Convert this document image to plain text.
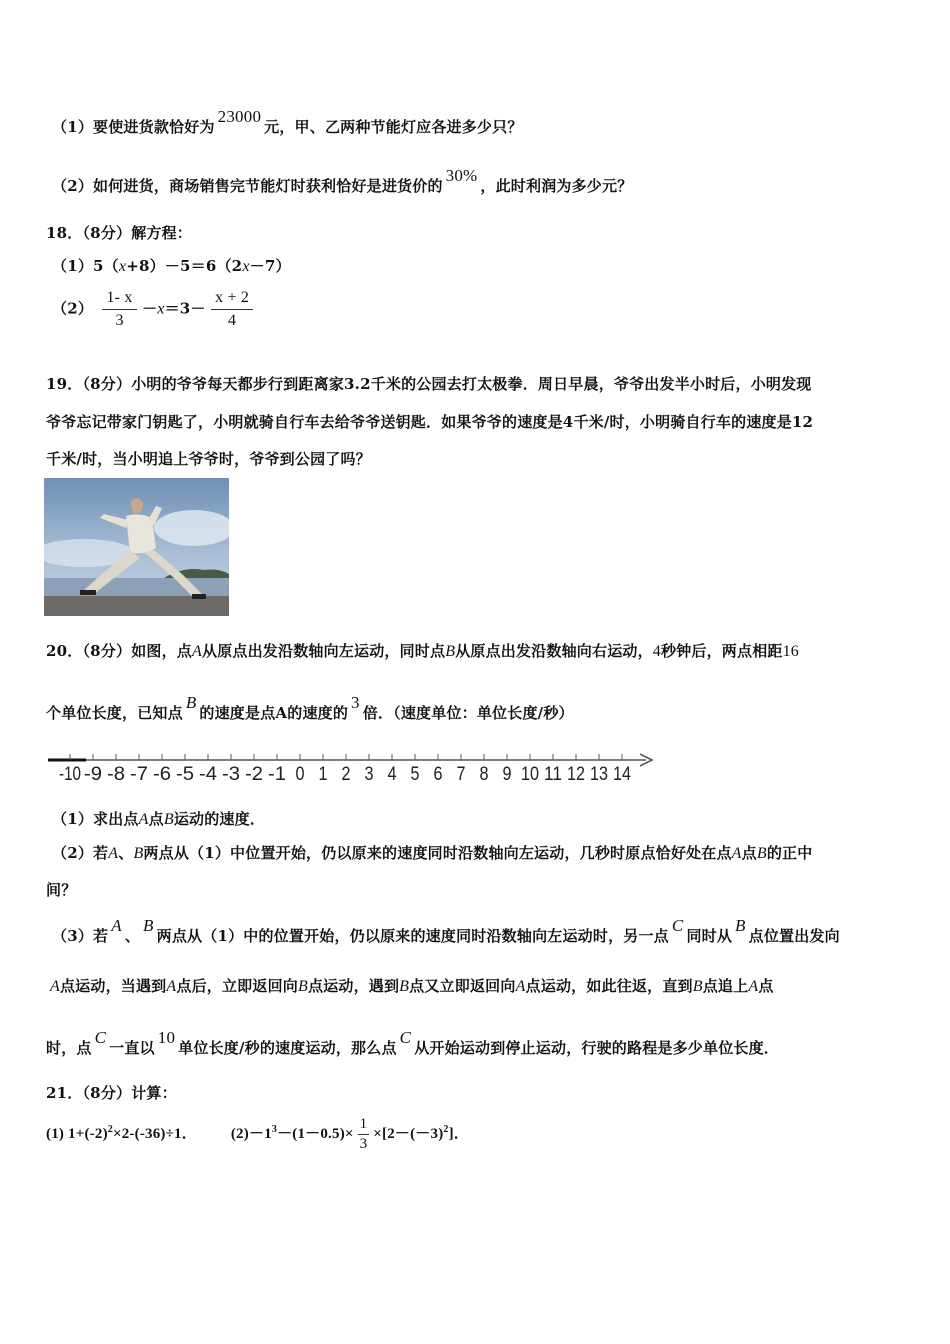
（1）要使进货款恰好为23000元，甲、乙两种节能灯应各进多少只？
（2）如何进货，商场销售完节能灯时获利恰好是进货价的30%，此时利润为多少元？
18．（8分）解方程：
（1）5（x+8）－5＝6（2x－7）
$(2) \frac{1- x}{3} -x=3- \frac{x + 2}{4}$
19．（8分）小明的爷爷每天都步行到距离家3.2千米的公园去打太极拳．周日早晨，爷爷出发半小时后，小明发现
爷爷忘记带家门钥匙了，小明就骑自行车去给爷爷送钥匙．如果爷爷的速度是4千米/时，小明骑自行车的速度是12
千米/时，当小明追上爷爷时，爷爷到公园了吗？
20．（8分）如图，点A从原点出发沿数轴向左运动，同时点B从原点出发沿数轴向右运动，4秒钟后，两点相距16
个单位长度，已知点B的速度是点A的速度的3倍．（速度单位：单位长度/秒）
-10 -9 -8 -7 -6 -5 -4 -3 -2 -1 0 1 2 3 4 5 6 7 8 9 10 11 12 13 14
（1）求出点A点B运动的速度．
（2）若A、B两点从（1）中位置开始，仍以原来的速度同时沿数轴向左运动，几秒时原点恰好处在点A点B的正中
间？
（3）若A、B两点从（1）中的位置开始，仍以原来的速度同时沿数轴向左运动时，另一点C同时从B点位置出发向
A点运动，当遇到A点后，立即返回向B点运动，遇到B点又立即返回向A点运动，如此往返，直到B点追上A点
时，点C一直以10单位长度/秒的速度运动，那么点C从开始运动到停止运动，行驶的路程是多少单位长度．
21．（8分）计算：
(1) $1+(-2)^2\times 2-(-36)\div 1$． $(2)-1^3-(1-0.5)\times \frac{1}{3} \times[2-(-3)^2]$．
